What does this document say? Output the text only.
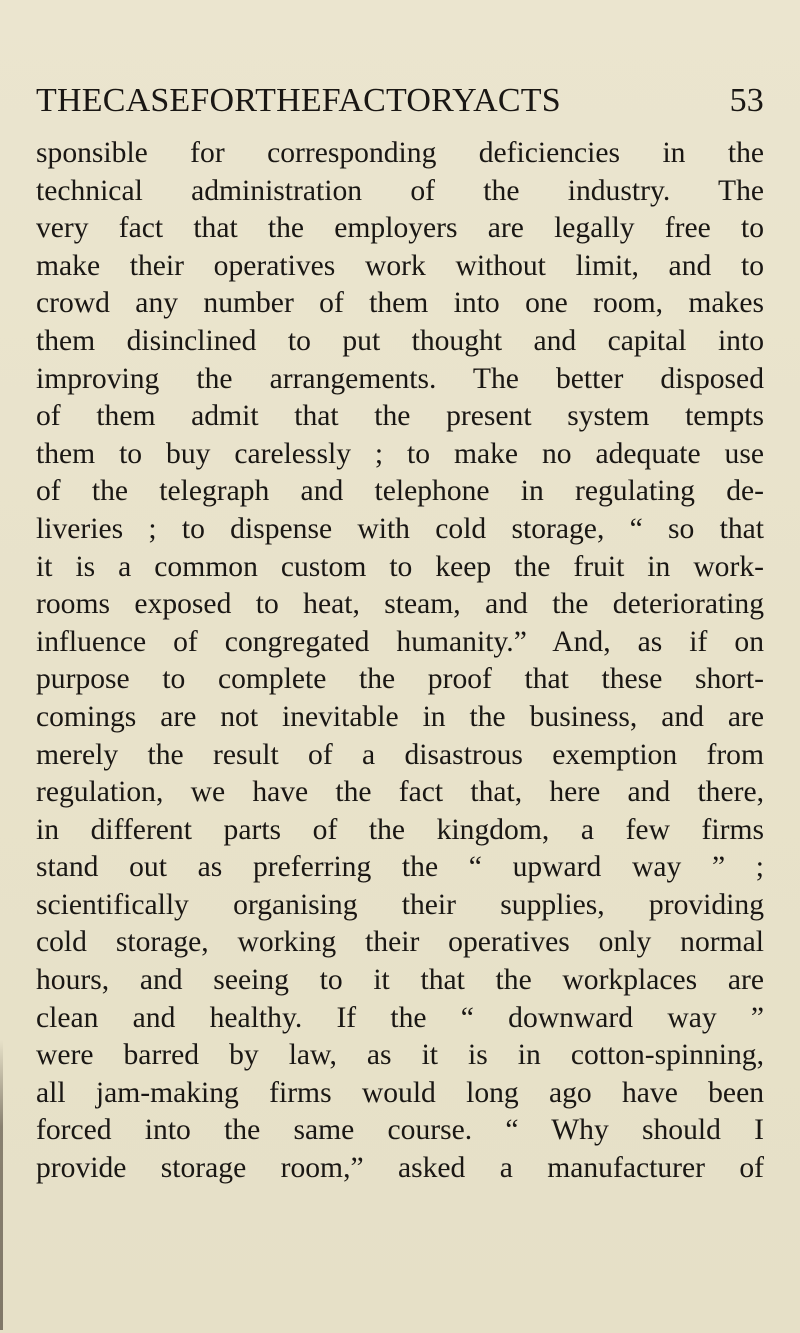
THECASEFORTHEFACTORYACTS	53
sponsible for corresponding deficiencies in the
technical administration of the industry. The
very fact that the employers are legally free to
make their operatives work without limit, and to
crowd any number of them into one room, makes
them disinclined to put thought and capital into
improving the arrangements. The better disposed
of them admit that the present system tempts
them to buy carelessly ; to make no adequate use
of the telegraph and telephone in regulating de-
liveries ; to dispense with cold storage, “ so that
it is a common custom to keep the fruit in work-
rooms exposed to heat, steam, and the deteriorating
influence of congregated humanity.” And, as if on
purpose to complete the proof that these short-
comings are not inevitable in the business, and are
merely the result of a disastrous exemption from
regulation, we have the fact that, here and there,
in different parts of the kingdom, a few firms
stand out as preferring the “ upward way ” ;
scientifically organising their supplies, providing
cold storage, working their operatives only normal
hours, and seeing to it that the workplaces are
clean and healthy. If the “ downward way ”
were barred by law, as it is in cotton-spinning,
all jam-making firms would long ago have been
forced into the same course. “ Why should I
provide storage room,” asked a manufacturer of
